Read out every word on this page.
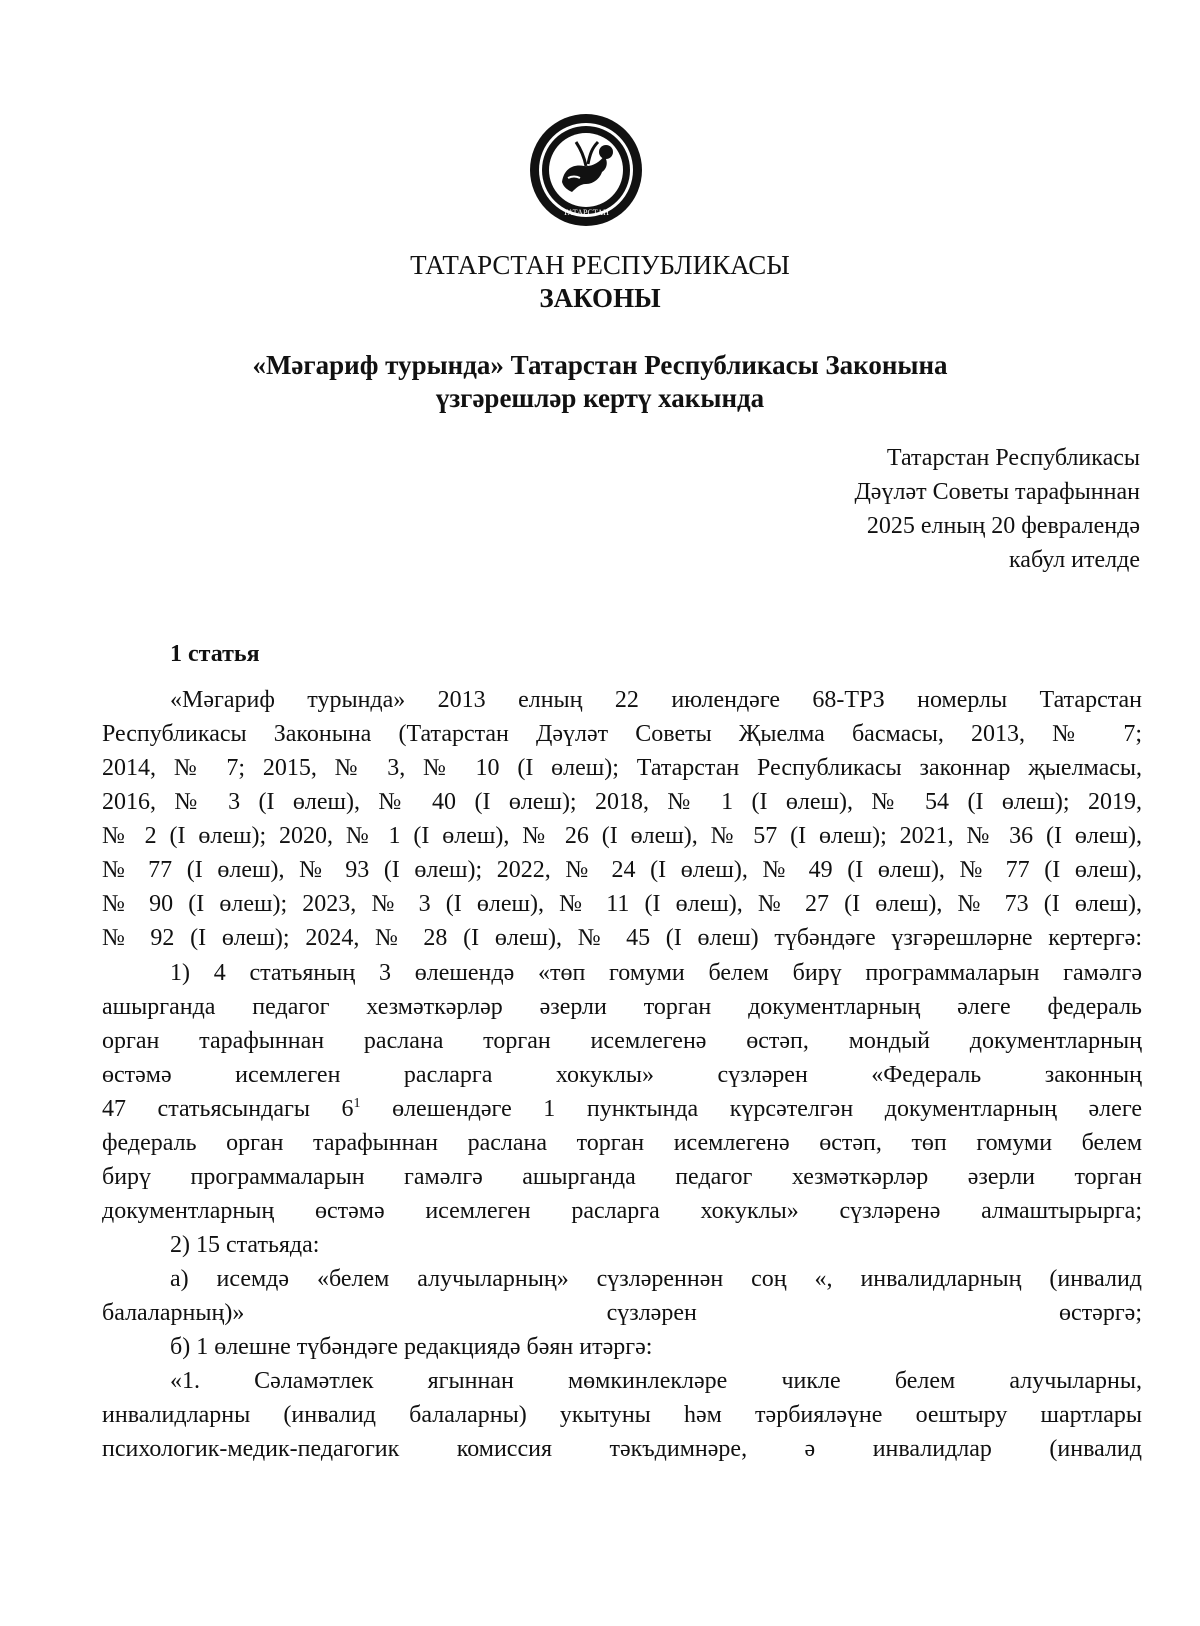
ТАТАРСТАН
ТАТАРСТАН РЕСПУБЛИКАСЫ
ЗАКОНЫ
«Мәгариф турында» Татарстан Республикасы Законына
үзгәрешләр кертү хакында
Татарстан Республикасы
Дәүләт Советы тарафыннан
2025 елның 20 февралендә
кабул ителде
1 статья
«Мәгариф турында» 2013 елның 22 июлендәге 68-ТРЗ номерлы Татарстан
Республикасы Законына (Татарстан Дәүләт Советы Җыелма басмасы, 2013, № 7;
2014, № 7; 2015, № 3, № 10 (I өлеш); Татарстан Республикасы законнар җыелмасы,
2016, № 3 (I өлеш), № 40 (I өлеш); 2018, № 1 (I өлеш), № 54 (I өлеш); 2019,
№ 2 (I өлеш); 2020, № 1 (I өлеш), № 26 (I өлеш), № 57 (I өлеш); 2021, № 36 (I өлеш),
№ 77 (I өлеш), № 93 (I өлеш); 2022, № 24 (I өлеш), № 49 (I өлеш), № 77 (I өлеш),
№ 90 (I өлеш); 2023, № 3 (I өлеш), № 11 (I өлеш), № 27 (I өлеш), № 73 (I өлеш),
№ 92 (I өлеш); 2024, № 28 (I өлеш), № 45 (I өлеш) түбәндәге үзгәрешләрне кертергә:
1) 4 статьяның 3 өлешендә «төп гомуми белем бирү программаларын гамәлгә
ашырганда педагог хезмәткәрләр әзерли торган документларның әлеге федераль
орган тарафыннан раслана торган исемлегенә өстәп, мондый документларның
өстәмә исемлеген расларга хокуклы» сүзләрен «Федераль законның
47 статьясындагы $6^1$ өлешендәге 1 пунктында күрсәтелгән документларның әлеге
федераль орган тарафыннан раслана торган исемлегенә өстәп, төп гомуми белем
бирү программаларын гамәлгә ашырганда педагог хезмәткәрләр әзерли торган
документларның өстәмә исемлеген расларга хокуклы» сүзләренә алмаштырырга;
2) 15 статьяда:
а) исемдә «белем алучыларның» сүзләреннән соң «, инвалидларның (инвалид
балаларның)» сүзләрен өстәргә;
б) 1 өлешне түбәндәге редакциядә бәян итәргә:
«1. Сәламәтлек ягыннан мөмкинлекләре чикле белем алучыларны,
инвалидларны (инвалид балаларны) укытуны һәм тәрбияләүне оештыру шартлары
психологик-медик-педагогик комиссия тәкъдимнәре, ә инвалидлар (инвалид
